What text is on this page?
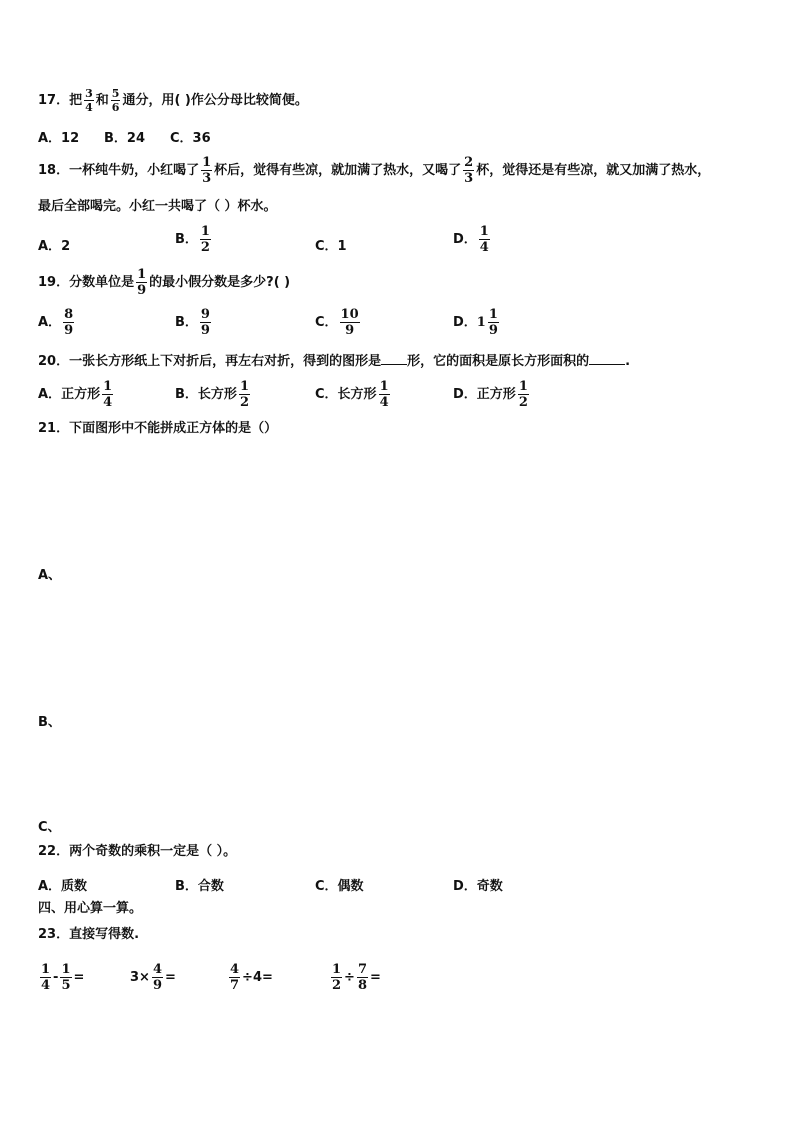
17．把 $\frac{3}{4}$ 和 $\frac{5}{6}$ 通分，用( )作公分母比较简便。
A．12 B．24 C．36
18．一杯纯牛奶，小红喝了 $\frac{1}{3}$ 杯后，觉得有些凉，就加满了热水，又喝了 $\frac{2}{3}$ 杯，觉得还是有些凉，就又加满了热水，
最后全部喝完。小红一共喝了（ ）杯水。
A．2	B． $\frac{1}{2}$	C．1	D． $\frac{1}{4}$
19．分数单位是 $\frac{1}{9}$ 的最小假分数是多少?( )
A． $\frac{8}{9}$	B． $\frac{9}{9}$	C． $\frac{10}{9}$	D．$1 \frac{1}{9}$
20．一张长方形纸上下对折后，再左右对折，得到的图形是 形，它的面积是原长方形面积的	.
A．正方形 $\frac{1}{4}$	B．长方形 $\frac{1}{2}$	C．长方形 $\frac{1}{4}$	D．正方形 $\frac{1}{2}$
21．下面图形中不能拼成正方体的是（）
A、
B、
C、
22．两个奇数的乘积一定是（ ）。
A．质数	B．合数	C．偶数	D．奇数
四、用心算一算。
23．直接写得数.
$\frac{1}{4} - \frac{1}{5}$ =	$3\times \frac{4}{9}$ =	$\frac{4}{7} \div 4=$	$\frac{1}{2} \div \frac{7}{8}$ =
